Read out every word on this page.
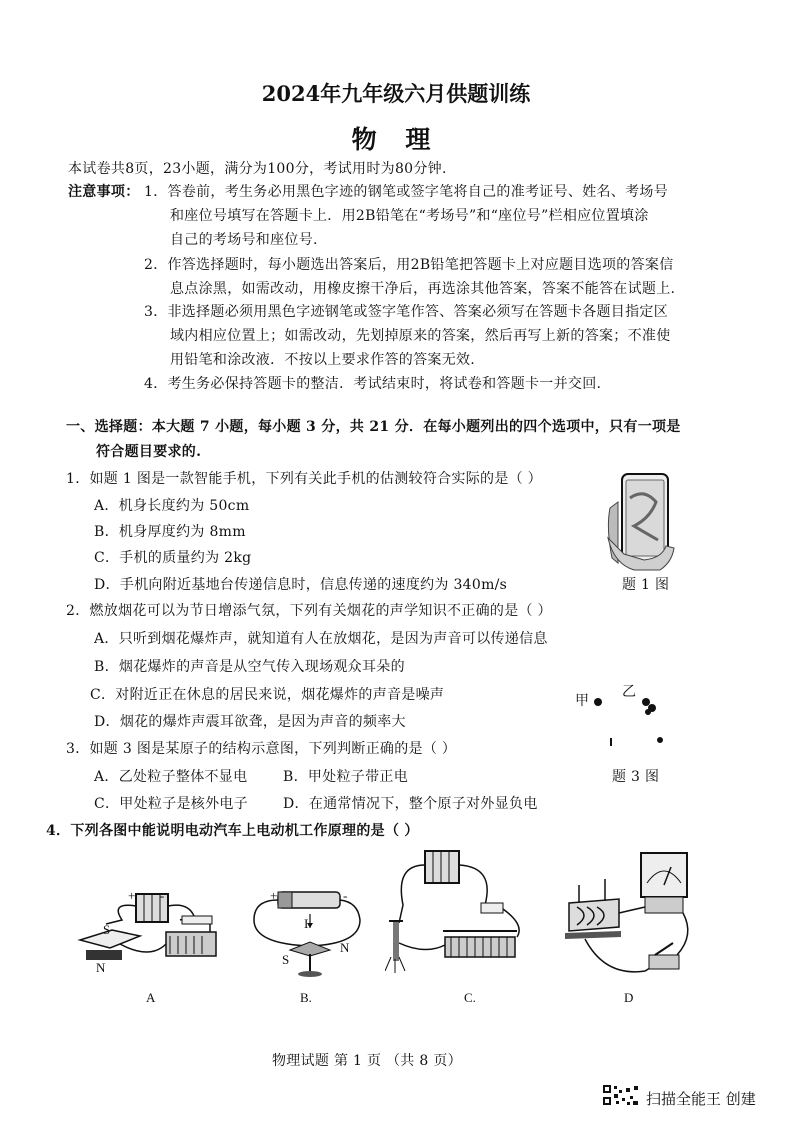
2024年九年级六月供题训练
物 理
本试卷共8页，23小题，满分为100分，考试用时为80分钟.
注意事项： 1．答卷前，考生务必用黑色字迹的钢笔或签字笔将自己的准考证号、姓名、考场号
和座位号填写在答题卡上．用2B铅笔在“考场号”和“座位号”栏相应位置填涂
自己的考场号和座位号.
2．作答选择题时，每小题选出答案后，用2B铅笔把答题卡上对应题目选项的答案信
息点涂黑，如需改动，用橡皮擦干净后，再选涂其他答案，答案不能答在试题上.
3．非选择题必须用黑色字迹钢笔或签字笔作答、答案必须写在答题卡各题目指定区
域内相应位置上；如需改动，先划掉原来的答案，然后再写上新的答案；不准使
用铅笔和涂改液．不按以上要求作答的答案无效.
4．考生务必保持答题卡的整洁．考试结束时，将试卷和答题卡一并交回.
一、选择题：本大题 7 小题，每小题 3 分，共 21 分．在每小题列出的四个选项中，只有一项是
符合题目要求的.
1．如题 1 图是一款智能手机，下列有关此手机的估测较符合实际的是（ ）
A．机身长度约为 50cm
B．机身厚度约为 8mm
C．手机的质量约为 2kg
D．手机向附近基地台传递信息时，信息传递的速度约为 340m/s	题 1 图
2．燃放烟花可以为节日增添气氛，下列有关烟花的声学知识不正确的是（ ）
A．只听到烟花爆炸声，就知道有人在放烟花，是因为声音可以传递信息
B．烟花爆炸的声音是从空气传入现场观众耳朵的
C．对附近正在休息的居民来说，烟花爆炸的声音是噪声
D．烟花的爆炸声震耳欲聋，是因为声音的频率大
甲
乙
3．如题 3 图是某原子的结构示意图，下列判断正确的是（ ）
A．乙处粒子整体不显电	B．甲处粒子带正电	题 3 图
C．甲处粒子是核外电子 D．在通常情况下，整个原子对外显负电
4．下列各图中能说明电动汽车上电动机工作原理的是（ ）
+ -
S
N
A
+	-
I
S
N
B.	C.	D
物理试题 第 1 页 （共 8 页）
扫描全能王 创建
